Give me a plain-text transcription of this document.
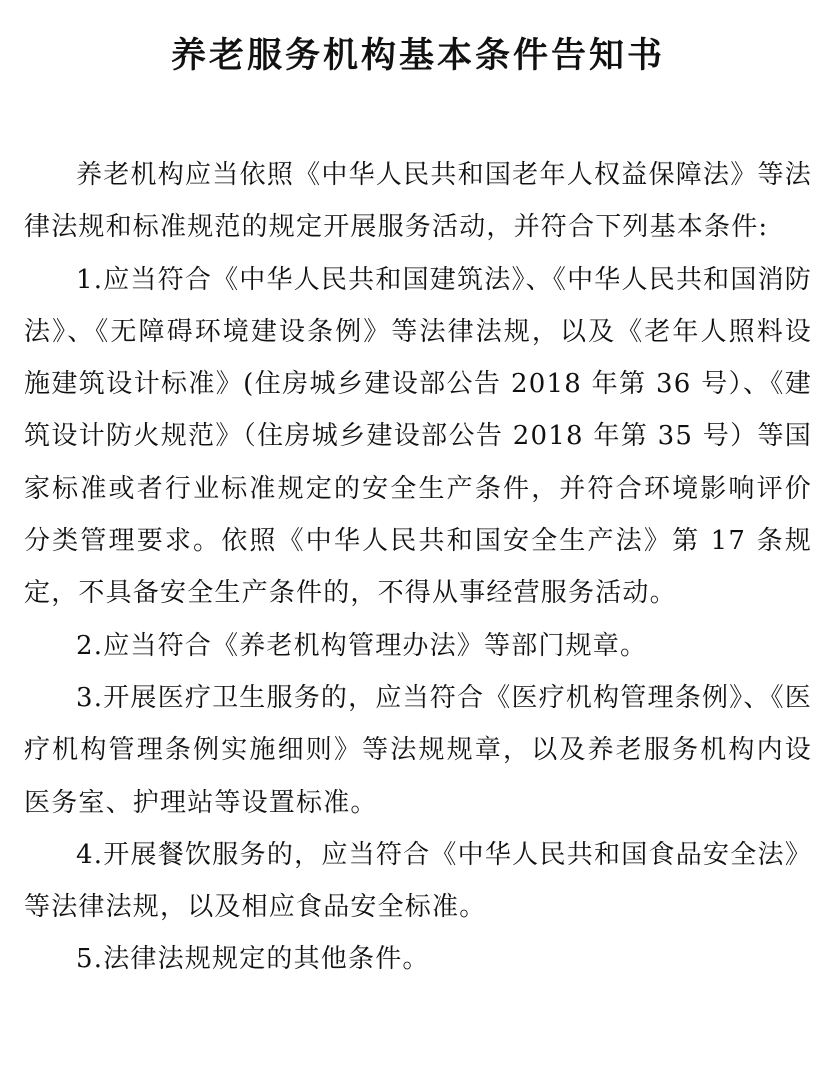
养老服务机构基本条件告知书

养老机构应当依照《中华人民共和国老年人权益保障法》等法律法规和标准规范的规定开展服务活动，并符合下列基本条件:

1.应当符合《中华人民共和国建筑法》、《中华人民共和国消防法》、《无障碍环境建设条例》等法律法规，以及《老年人照料设施建筑设计标准》(住房城乡建设部公告 2018 年第 36 号）、《建筑设计防火规范》（住房城乡建设部公告 2018 年第 35 号）等国家标准或者行业标准规定的安全生产条件，并符合环境影响评价分类管理要求。依照《中华人民共和国安全生产法》第 17 条规定，不具备安全生产条件的，不得从事经营服务活动。

2.应当符合《养老机构管理办法》等部门规章。

3.开展医疗卫生服务的，应当符合《医疗机构管理条例》、《医疗机构管理条例实施细则》等法规规章，以及养老服务机构内设医务室、护理站等设置标准。

4.开展餐饮服务的，应当符合《中华人民共和国食品安全法》等法律法规，以及相应食品安全标准。

5.法律法规规定的其他条件。
